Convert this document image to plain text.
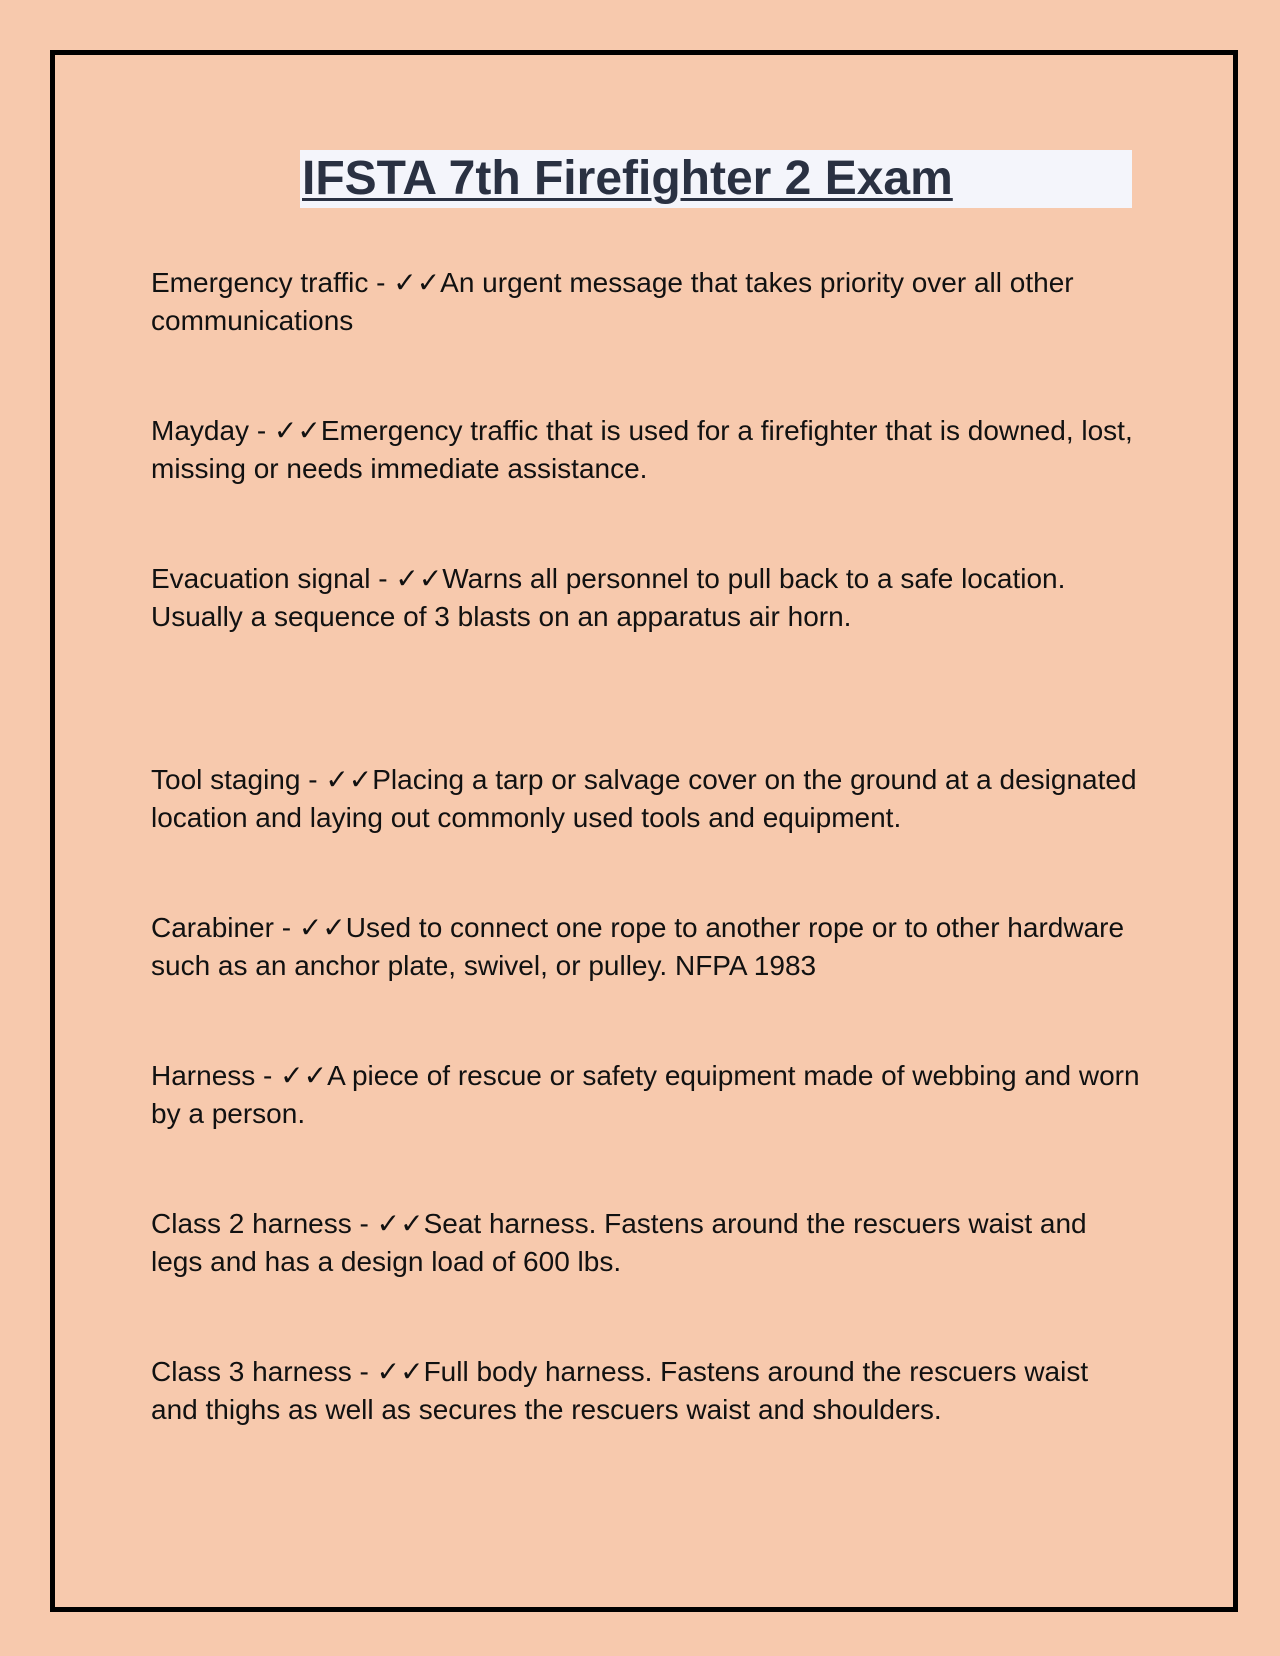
IFSTA 7th Firefighter 2 Exam

Emergency traffic - ✓✓An urgent message that takes priority over all other communications

Mayday - ✓✓Emergency traffic that is used for a firefighter that is downed, lost, missing or needs immediate assistance.

Evacuation signal - ✓✓Warns all personnel to pull back to a safe location. Usually a sequence of 3 blasts on an apparatus air horn.

Tool staging - ✓✓Placing a tarp or salvage cover on the ground at a designated location and laying out commonly used tools and equipment.

Carabiner - ✓✓Used to connect one rope to another rope or to other hardware such as an anchor plate, swivel, or pulley. NFPA 1983

Harness - ✓✓A piece of rescue or safety equipment made of webbing and worn by a person.

Class 2 harness - ✓✓Seat harness. Fastens around the rescuers waist and legs and has a design load of 600 lbs.

Class 3 harness - ✓✓Full body harness. Fastens around the rescuers waist and thighs as well as secures the rescuers waist and shoulders.
